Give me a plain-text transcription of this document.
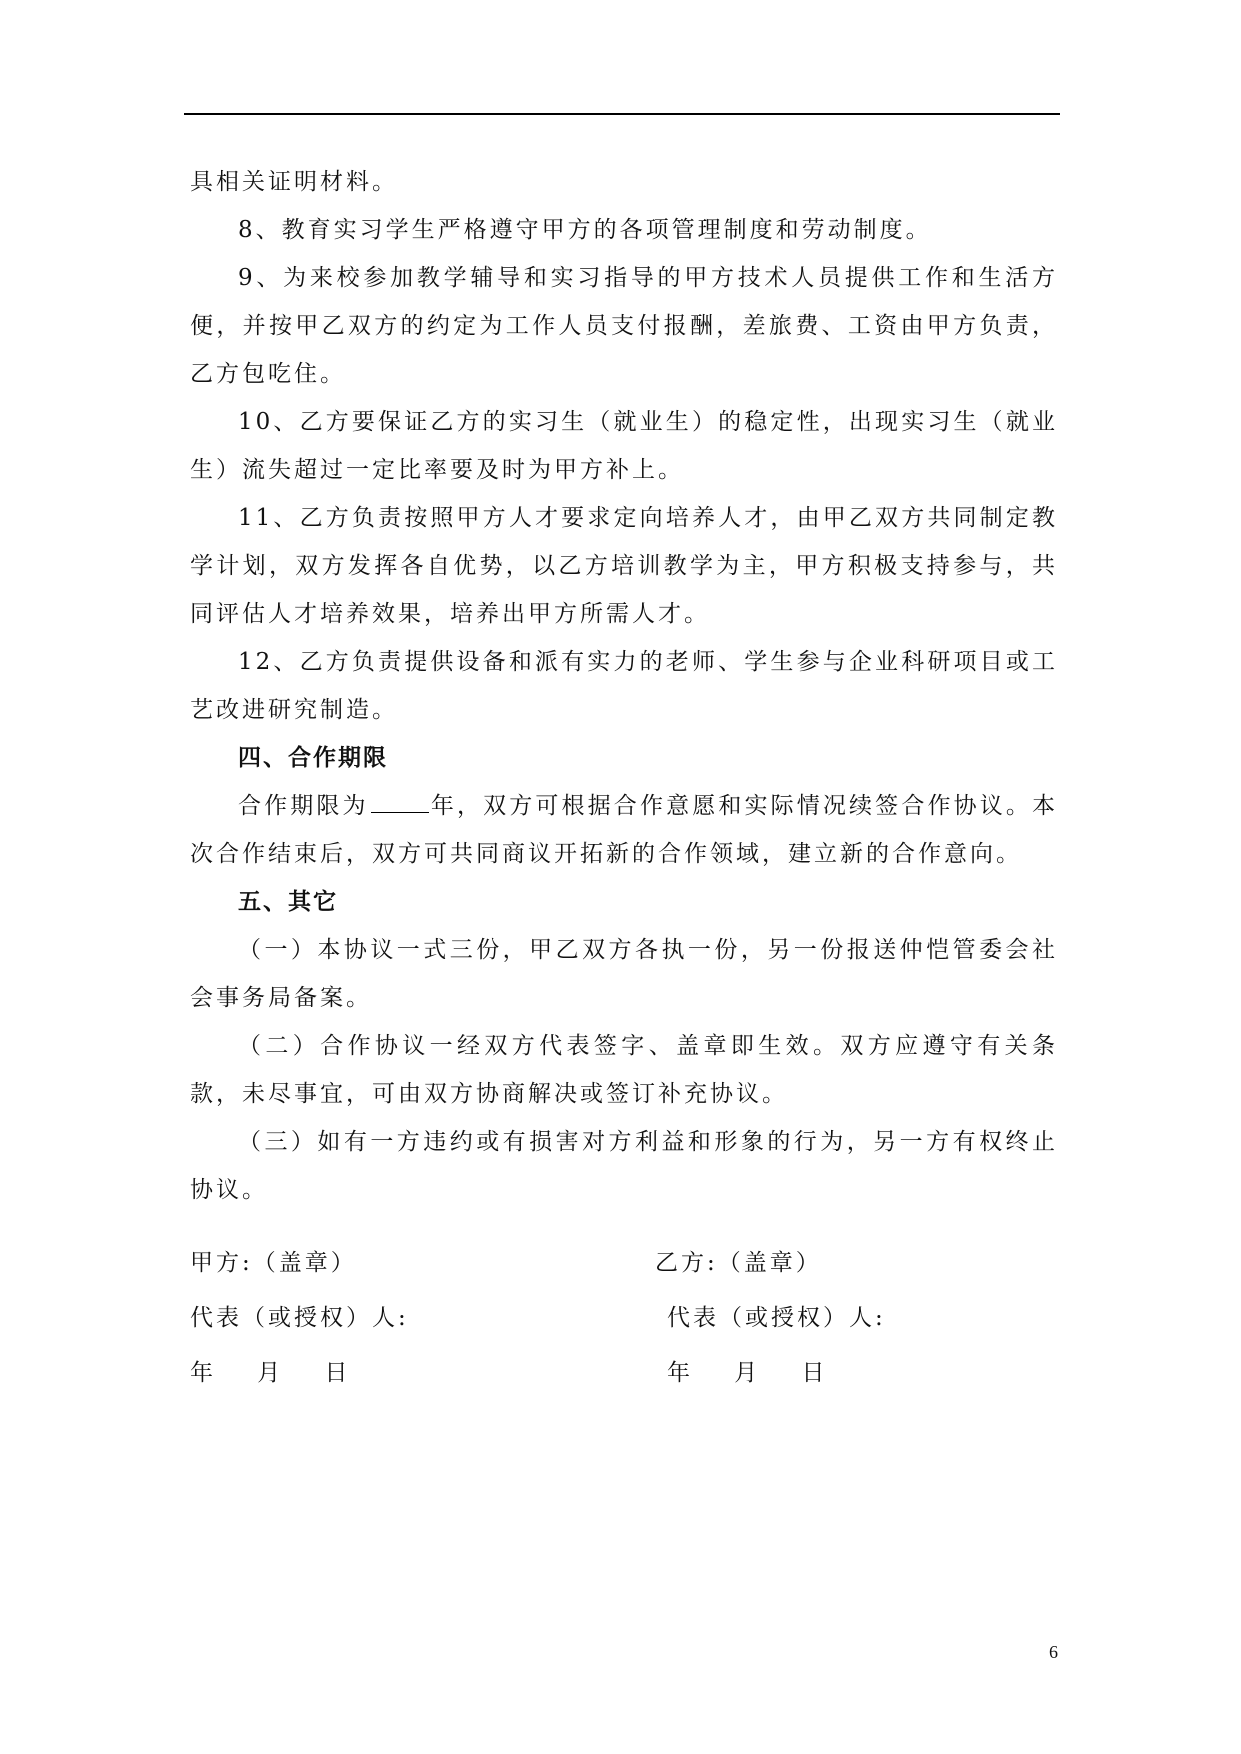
具相关证明材料。

8、教育实习学生严格遵守甲方的各项管理制度和劳动制度。

9、为来校参加教学辅导和实习指导的甲方技术人员提供工作和生活方便，并按甲乙双方的约定为工作人员支付报酬，差旅费、工资由甲方负责，乙方包吃住。

10、乙方要保证乙方的实习生（就业生）的稳定性，出现实习生（就业生）流失超过一定比率要及时为甲方补上。

11、乙方负责按照甲方人才要求定向培养人才，由甲乙双方共同制定教学计划，双方发挥各自优势，以乙方培训教学为主，甲方积极支持参与，共同评估人才培养效果，培养出甲方所需人才。

12、乙方负责提供设备和派有实力的老师、学生参与企业科研项目或工艺改进研究制造。

四、合作期限

合作期限为	年，双方可根据合作意愿和实际情况续签合作协议。本次合作结束后，双方可共同商议开拓新的合作领域，建立新的合作意向。

五、其它

（一）本协议一式三份，甲乙双方各执一份，另一份报送仲恺管委会社会事务局备案。

（二）合作协议一经双方代表签字、盖章即生效。双方应遵守有关条款，未尽事宜，可由双方协商解决或签订补充协议。

（三）如有一方违约或有损害对方利益和形象的行为，另一方有权终止协议。

甲方:（盖章）	乙方:（盖章）
代表（或授权）人:	代表（或授权）人:
年    月    日	年    月    日
6
